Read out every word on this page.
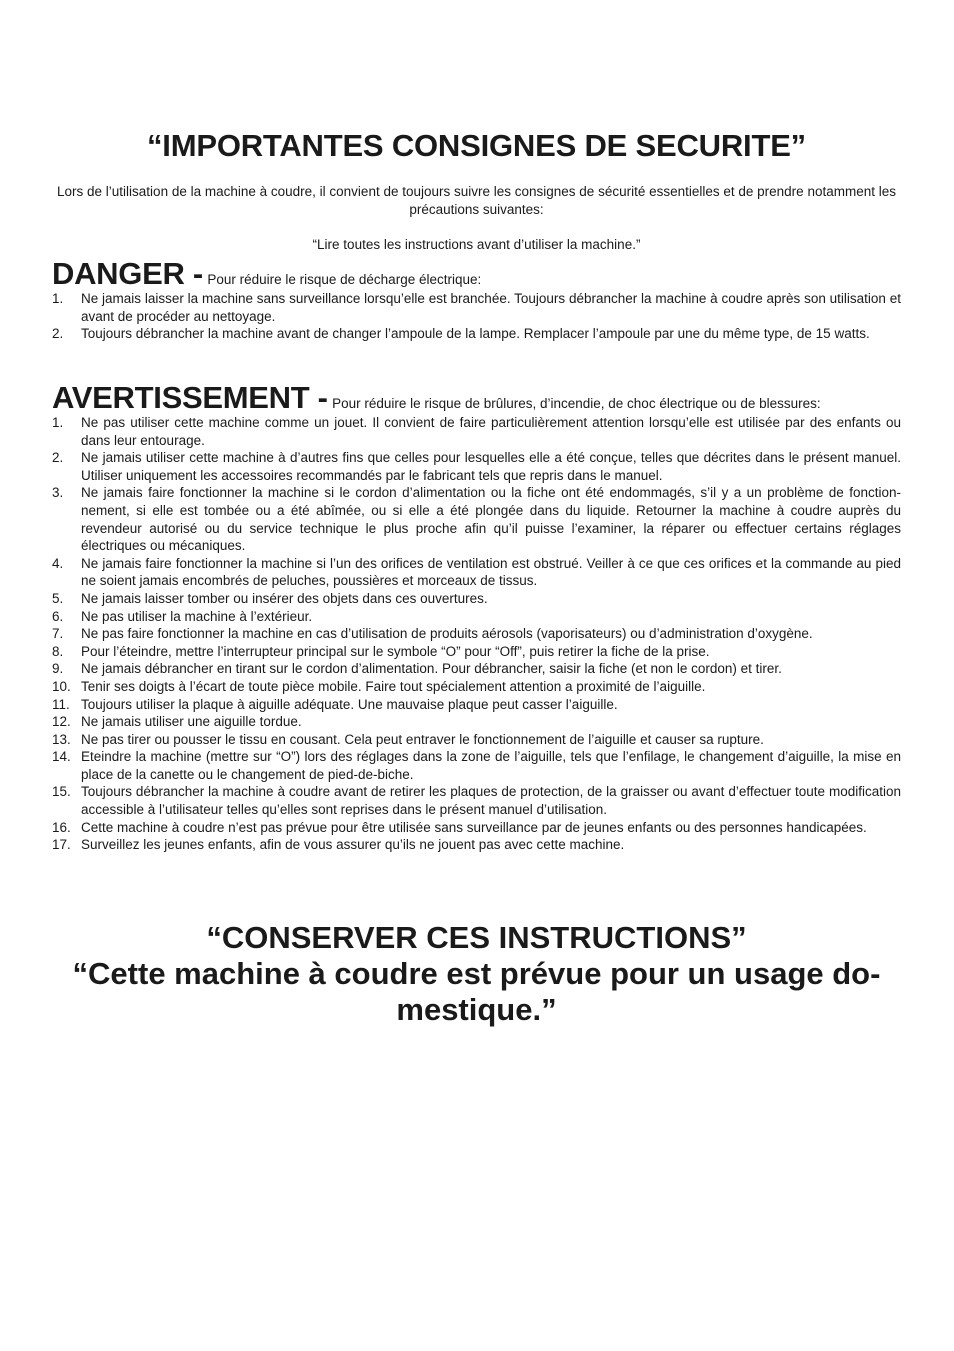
“IMPORTANTES CONSIGNES DE SECURITE”

Lors de l’utilisation de la machine à coudre, il convient de toujours suivre les consignes de sécurité essentielles et de prendre notamment les précautions suivantes:

“Lire toutes les instructions avant d’utiliser la machine.”

DANGER - Pour réduire le risque de décharge électrique:
1.	Ne jamais laisser la machine sans surveillance lorsqu’elle est branchée. Toujours débrancher la machine à coudre après son utilisation et avant de procéder au nettoyage.
2.	Toujours débrancher la machine avant de changer l’ampoule de la lampe. Remplacer l’ampoule par une du même type, de 15 watts.
AVERTISSEMENT - Pour réduire le risque de brûlures, d’incendie, de choc électrique ou de blessures:
1.	Ne pas utiliser cette machine comme un jouet. Il convient de faire particulièrement attention lorsqu’elle est utilisée par des enfants ou dans leur entourage.
2.	Ne jamais utiliser cette machine à d’autres fins que celles pour lesquelles elle a été conçue, telles que décrites dans le présent manuel. Utiliser uniquement les accessoires recommandés par le fabricant tels que repris dans le manuel.
3.	Ne jamais faire fonctionner la machine si le cordon d’alimentation ou la fiche ont été endommagés, s’il y a un problème de fonctionnement, si elle est tombée ou a été abîmée, ou si elle a été plongée dans du liquide. Retourner la machine à coudre auprès du revendeur autorisé ou du service technique le plus proche afin qu’il puisse l’examiner, la réparer ou effectuer certains réglages électriques ou mécaniques.
4.	Ne jamais faire fonctionner la machine si l’un des orifices de ventilation est obstrué. Veiller à ce que ces orifices et la commande au pied ne soient jamais encombrés de peluches, poussières et morceaux de tissus.
5.	Ne jamais laisser tomber ou insérer des objets dans ces ouvertures.
6.	Ne pas utiliser la machine à l’extérieur.
7.	Ne pas faire fonctionner la machine en cas d’utilisation de produits aérosols (vaporisateurs) ou d’administration d’oxygène.
8.	Pour l’éteindre, mettre l’interrupteur principal sur le symbole “O” pour “Off”, puis retirer la fiche de la prise.
9.	Ne jamais débrancher en tirant sur le cordon d’alimentation. Pour débrancher, saisir la fiche (et non le cordon) et tirer.
10. Tenir ses doigts à l’écart de toute pièce mobile. Faire tout spécialement attention a proximité de l’aiguille.
11. Toujours utiliser la plaque à aiguille adéquate. Une mauvaise plaque peut casser l’aiguille.
12. Ne jamais utiliser une aiguille tordue.
13. Ne pas tirer ou pousser le tissu en cousant. Cela peut entraver le fonctionnement de l’aiguille et causer sa rupture.
14. Eteindre la machine (mettre sur “O”) lors des réglages dans la zone de l’aiguille, tels que l’enfilage, le changement d’aiguille, la mise en place de la canette ou le changement de pied-de-biche.
15. Toujours débrancher la machine à coudre avant de retirer les plaques de protection, de la graisser ou avant d’effectuer toute modification accessible à l’utilisateur telles qu’elles sont reprises dans le présent manuel d’utilisation.
16. Cette machine à coudre n’est pas prévue pour être utilisée sans surveillance par de jeunes enfants ou des personnes handicapées.
17. Surveillez les jeunes enfants, afin de vous assurer qu’ils ne jouent pas avec cette machine.
“CONSERVER CES INSTRUCTIONS”
“Cette machine à coudre est prévue pour un usage do-
mestique.”
